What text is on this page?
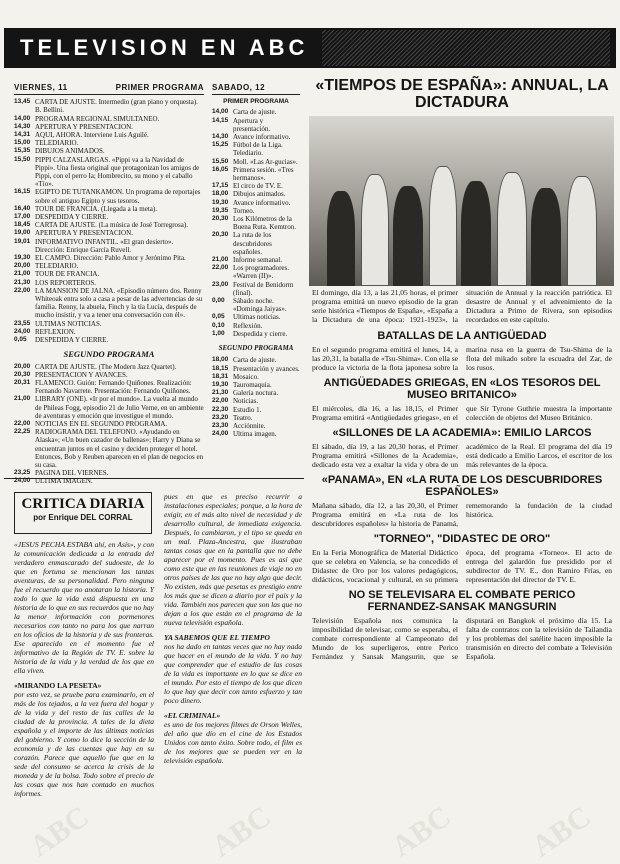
TELEVISION EN ABC
VIERNES, 11	PRIMER PROGRAMA
13,45 CARTA DE AJUSTE. Intermedio (gran piano y orquesta). B. Bellini.
14,00 PROGRAMA REGIONAL SIMULTANEO.
14,30 APERTURA Y PRESENTACION.
14,31 AQUI, AHORA. Interviene Luis Aguilé.
15,00 TELEDIARIO.
15,35 DIBUJOS ANIMADOS.
15,50 PIPPI CALZASLARGAS. «Pippi va a la Navidad de Pippi». Una fiesta original que protagonizan los amigos de Pippi, con el perro Ia; Hombrecito, su mono y el caballo «Tío».
16,15 EGIPTO DE TUTANKAMON. Un programa de reportajes sobre el antiguo Egipto y sus tesoros.
16,40 TOUR DE FRANCIA. (Llegada a la meta).
17,00 DESPEDIDA Y CIERRE.
18,45 CARTA DE AJUSTE. (La música de José Torregrosa).
19,00 APERTURA Y PRESENTACION.
19,01 INFORMATIVO INFANTIL. «El gran desierto». Dirección: Enrique García Ruvell.
19,30 EL CAMPO. Dirección: Pablo Amor y Jerónimo Pita.
20,00 TELEDIARIO.
21,00 TOUR DE FRANCIA.
21,30 LOS REPORTEROS.
22,00 LA MANSION DE JALNA. «Episodio número dos. Renny Whiteoak entra solo a casa a pesar de las advertencias de su familia. Renny, la abuela, Finch y la tía Lucía, después de mucho insistir, y va a tener una conversación con él».
23,55 ULTIMAS NOTICIAS.
24,00 REFLEXION.
0,05	DESPEDIDA Y CIERRE.
SEGUNDO PROGRAMA
20,00 CARTA DE AJUSTE. (The Modern Jazz Quartet).
20,30 PRESENTACION Y AVANCES.
20,31 FLAMENCO. Guión: Fernando Quiñones. Realización: Fernando Navarrete. Presentación: Fernando Quiñones.
21,00 LIBRARY (ONE). «Ir por el mundo». La vuelta al mundo de Phileas Fogg, episodio 21 de Julio Verne, en un ambiente de aventuras y emoción que investigue el mundo.
22,00 NOTICIAS EN EL SEGUNDO PROGRAMA.
22,25 RADIOGRAMA DEL TELEFONO. «Ayudando en Alaska»; «Un buen cazador de ballenas»; Harry y Diana se encuentran juntos en el casino y deciden proteger el hotel. Entonces, Bob y Reuben aparecen en el plan de negocios en su casa.
23,25 PAGINA DEL VIERNES.
24,00 ULTIMA IMAGEN.
SABADO, 12
PRIMER PROGRAMA
14,00 Carta de ajuste.
14,15 Apertura y presentación.
14,30 Avance informativo.
15,25 Fútbol de la Liga. Telediario.
15,50 Moll. «Las Ar-gucias».
16,05 Primera sesión. «Tres hermanos».
17,15 El circo de TV. E.
18,00 Dibujos animados.
19,30 Avance informativo.
19,35 Torneo.
20,30 Los Kilómetros de la Buena Ruta. Kemtron.
20,30 La ruta de los descubridores españoles.
21,00 Informe semanal.
22,00 Los programadores. «Warren (II)».
23,00 Festival de Benidorm (final).
0,00	Sábado noche. «Dominga Jaiyas».
0,05	Ultimas noticias.
0,10	Reflexión.
1,00	Despedida y cierre.
SEGUNDO PROGRAMA
18,00 Carta de ajuste.
18,15 Presentación y avances.
18,31 Mosaico.
19,30 Tauromaquia.
21,30 Galería noctura.
22,00 Noticias.
22,30 Estudio 1.
23,20 Teatro.
23,30 Acciónnite.
24,00 Ultima imagen.
CRITICA DIARIA
por Enrique DEL CORRAL
«JESUS PECHA ESTABA ahí, en Asís», y con la comunicación dedicada a la entrada del verdadero enmascarado del sudoeste, de lo que en fortuna se mencionan las tantas aventuras, de su personalidad. Pero ninguna fue el recuerdo que no anotaran la historia. Y todo lo que la vida está dispuesta en una historia de lo que en sus recuerdos que no hay la menor información con pormenores necesarios con tanto no para los que narran en los oficios de la historia y de sus fronteras. Ese aparecido en el momento fue el informativo de la Región de TV. E. sobre la historia de la vida y la verdad de los que en ella viven.
«MIRANDO LA PESETA»
por esto vez, se pruebe para examinarlo, en el más de los tejados, a la vez fuera del hogar y de la vida y del resto de las calles de la ciudad de la provincia. A tales de la dieta española y el importe de las últimas noticias del gobierno. Y como lo dice la sección de la economía y de las cuentas que hay en su corazón. Parece que aquello fue que en la sede del consumo se acerca la crisis de la moneda y de la bolsa. Todo sobre el precio de las cosas que nos han contado en muchos informes.
pues en que es preciso recurrir a instalaciones especiales; porque, a la hora de exigir, en el más alto nivel de necesidad y de desarrollo cultural, de inmediata exigencia. Después, lo cambiaron, y el tipo se queda en un mal. Plaza-Ancestra, que ilustraban tantas cosas que en la pantalla que no debe aparecer por el momento. Pues es así que como este que en las reuniones de viaje no en otros países de las que no hay algo que decir. No existen, más que pesetas es prestigio entre los más que se dicen a diario por el país y la vida. También nos parecen que son las que no dejan a los que están en el programa de la nueva televisión española.
YA SABEMOS QUE EL TIEMPO
nos ha dado en tantas veces que no hay nada que hacer en el mundo de la vida. Y no hay que comprender que el estudio de las cosas de la vida es importante en lo que se dice en el mundo. Por esto el tiempo de los que dicen lo que hay que decir con tanto esfuerzo y tan poco dinero.
«EL CRIMINAL»
es uno de los mejores filmes de Orson Welles, del año que dio en el cine de los Estados Unidos con tanto éxito. Sobre todo, el film es de los mejores que se pueden ver en la televisión española.
«TIEMPOS DE ESPAÑA»: ANNUAL, LA DICTADURA
El domingo, día 13, a las 21,05 horas, el primer programa emitirá un nuevo episodio de la gran serie histórica «Tiempos de España», «España a la Dictadura de una época: 1921-1923», la situación de Annual y la reacción patriótica. El desastre de Annual y el advenimiento de la Dictadura a Primo de Rivera, son episodios recordados en este capítulo.
BATALLAS DE LA ANTIGÜEDAD
En el segundo programa emitirá el lunes, 14, a las 20,31, la batalla de «Tsu-Shima». Con ella se produce la victoria de la flota japonesa sobre la marina rusa en la guerra de Tsu-Shima de la flota del mikado sobre la escuadra del Zar, de los rusos.
ANTIGÜEDADES GRIEGAS, EN «LOS TESOROS DEL MUSEO BRITANICO»
El miércoles, día 16, a las 18,15, el Primer Programa emitirá «Antigüedades griegas», en el que Sir Tyrone Guthrie muestra la importante colección de objetos del Museo Británico.
«SILLONES DE LA ACADEMIA»: EMILIO LARCOS
El sábado, día 19, a las 20,30 horas, el Primer Programa emitirá «Sillones de la Academia», dedicado esta vez a exaltar la vida y obra de un académico de la Real. El programa del día 19 está dedicado a Emilio Larcos, el escritor de los más relevantes de la época.
«PANAMA», EN «LA RUTA DE LOS DESCUBRIDORES ESPAÑOLES»
Mañana sábado, día 12, a las 20,30, el Primer Programa emitirá en «La ruta de los descubridores españoles» la historia de Panamá, rememorando la fundación de la ciudad histórica.
"TORNEO", "DIDASTEC DE ORO"
En la Feria Monográfica de Material Didáctico que se celebra en Valencia, se ha concedido el Didastec de Oro por los valores pedagógicos, didácticos, vocacional y cultural, en su primera época, del programa «Torneo». El acto de entrega del galardón fue presidido por el subdirector de TV. E., don Ramiro Frías, en representación del director de TV. E.
NO SE TELEVISARA EL COMBATE PERICO FERNANDEZ-SANSAK MANGSURIN
Televisión Española nos comunica la imposibilidad de televisar, como se esperaba, el combate correspondiente al Campeonato del Mundo de los superligeros, entre Perico Fernández y Sansak Mangsurin, que se disputará en Bangkok el próximo día 15. La falta de contratos con la televisión de Tailandia y los problemas del satélite hacen imposible la transmisión en directo del combate a Televisión Española.
ABC	ABC	ABC ABC
